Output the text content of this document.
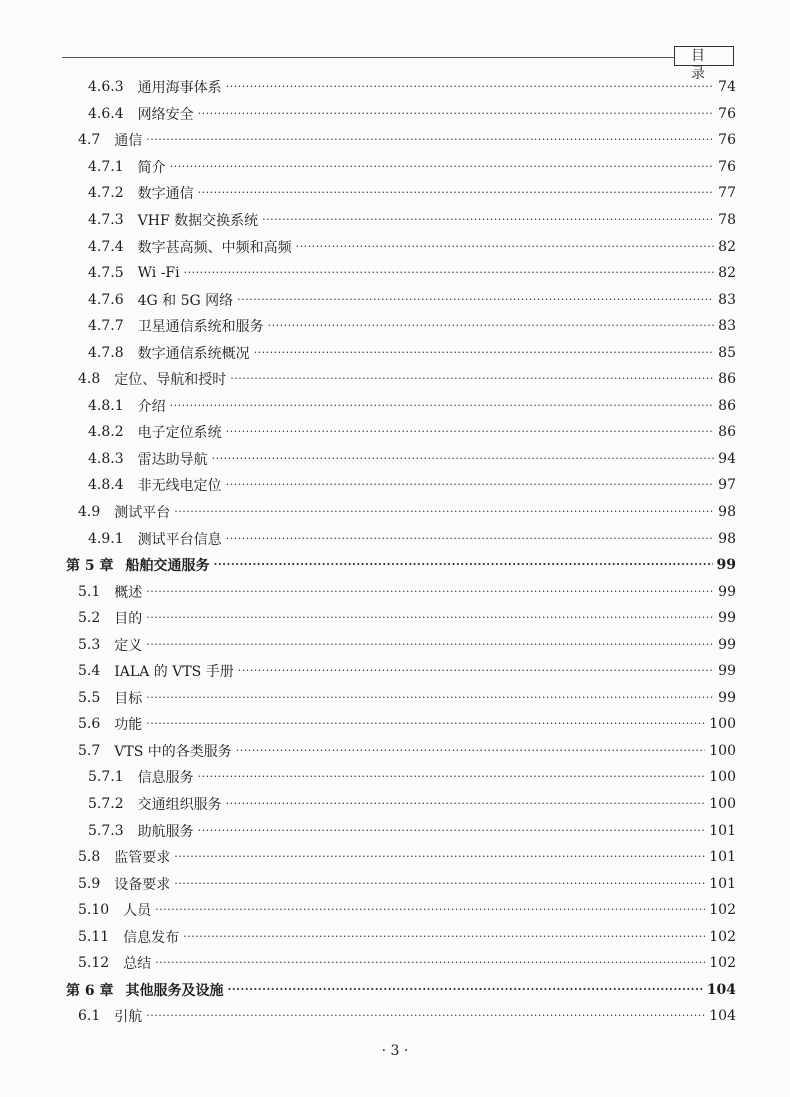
目录
4.6.3 通用海事体系 ·····	74
4.6.4 网络安全 ·····	76
4.7 通信 ·····	76
4.7.1 简介 ·····	76
4.7.2 数字通信 ·····	77
4.7.3 VHF 数据交换系统 ·····	78
4.7.4 数字甚高频、中频和高频 ·····	82
4.7.5 Wi -Fi ·····	82
4.7.6 4G 和 5G 网络 ·····	83
4.7.7 卫星通信系统和服务 ·····	83
4.7.8 数字通信系统概况 ·····	85
4.8 定位、导航和授时 ·····	86
4.8.1 介绍 ·····	86
4.8.2 电子定位系统 ·····	86
4.8.3 雷达助导航 ·····	94
4.8.4 非无线电定位 ·····	97
4.9 测试平台 ·····	98
4.9.1 测试平台信息 ·····	98
第 5 章 船舶交通服务 ·····	99
5.1 概述 ·····	99
5.2 目的 ·····	99
5.3 定义 ·····	99
5.4 IALA 的 VTS 手册 ·····	99
5.5 目标 ·····	99
5.6 功能 ·····	100
5.7 VTS 中的各类服务 ·····	100
5.7.1 信息服务 ·····	100
5.7.2 交通组织服务 ·····	100
5.7.3 助航服务 ·····	101
5.8 监管要求 ·····	101
5.9 设备要求 ·····	101
5.10 人员 ·····	102
5.11 信息发布 ·····	102
5.12 总结 ·····	102
第 6 章 其他服务及设施 ·····	104
6.1 引航 ·····	104
· 3 ·
